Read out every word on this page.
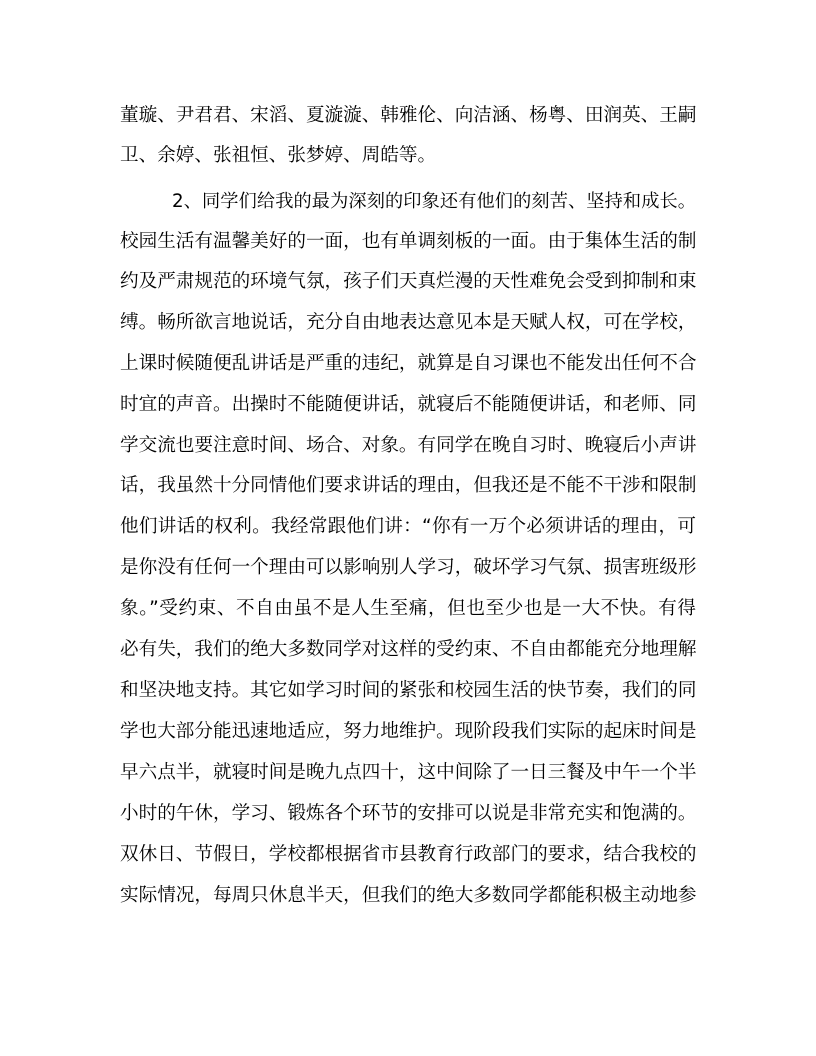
董璇、尹君君、宋滔、夏漩漩、韩雅伦、向洁涵、杨粤、田润英、王嗣
卫、余婷、张祖恒、张梦婷、周皓等。
2、同学们给我的最为深刻的印象还有他们的刻苦、坚持和成长。
校园生活有温馨美好的一面，也有单调刻板的一面。由于集体生活的制
约及严肃规范的环境气氛，孩子们天真烂漫的天性难免会受到抑制和束
缚。畅所欲言地说话，充分自由地表达意见本是天赋人权，可在学校，
上课时候随便乱讲话是严重的违纪，就算是自习课也不能发出任何不合
时宜的声音。出操时不能随便讲话，就寝后不能随便讲话，和老师、同
学交流也要注意时间、场合、对象。有同学在晚自习时、晚寝后小声讲
话，我虽然十分同情他们要求讲话的理由，但我还是不能不干涉和限制
他们讲话的权利。我经常跟他们讲：“你有一万个必须讲话的理由，可
是你没有任何一个理由可以影响别人学习，破坏学习气氛、损害班级形
象。”受约束、不自由虽不是人生至痛，但也至少也是一大不快。有得
必有失，我们的绝大多数同学对这样的受约束、不自由都能充分地理解
和坚决地支持。其它如学习时间的紧张和校园生活的快节奏，我们的同
学也大部分能迅速地适应，努力地维护。现阶段我们实际的起床时间是
早六点半，就寝时间是晚九点四十，这中间除了一日三餐及中午一个半
小时的午休，学习、锻炼各个环节的安排可以说是非常充实和饱满的。
双休日、节假日，学校都根据省市县教育行政部门的要求，结合我校的
实际情况，每周只休息半天，但我们的绝大多数同学都能积极主动地参
